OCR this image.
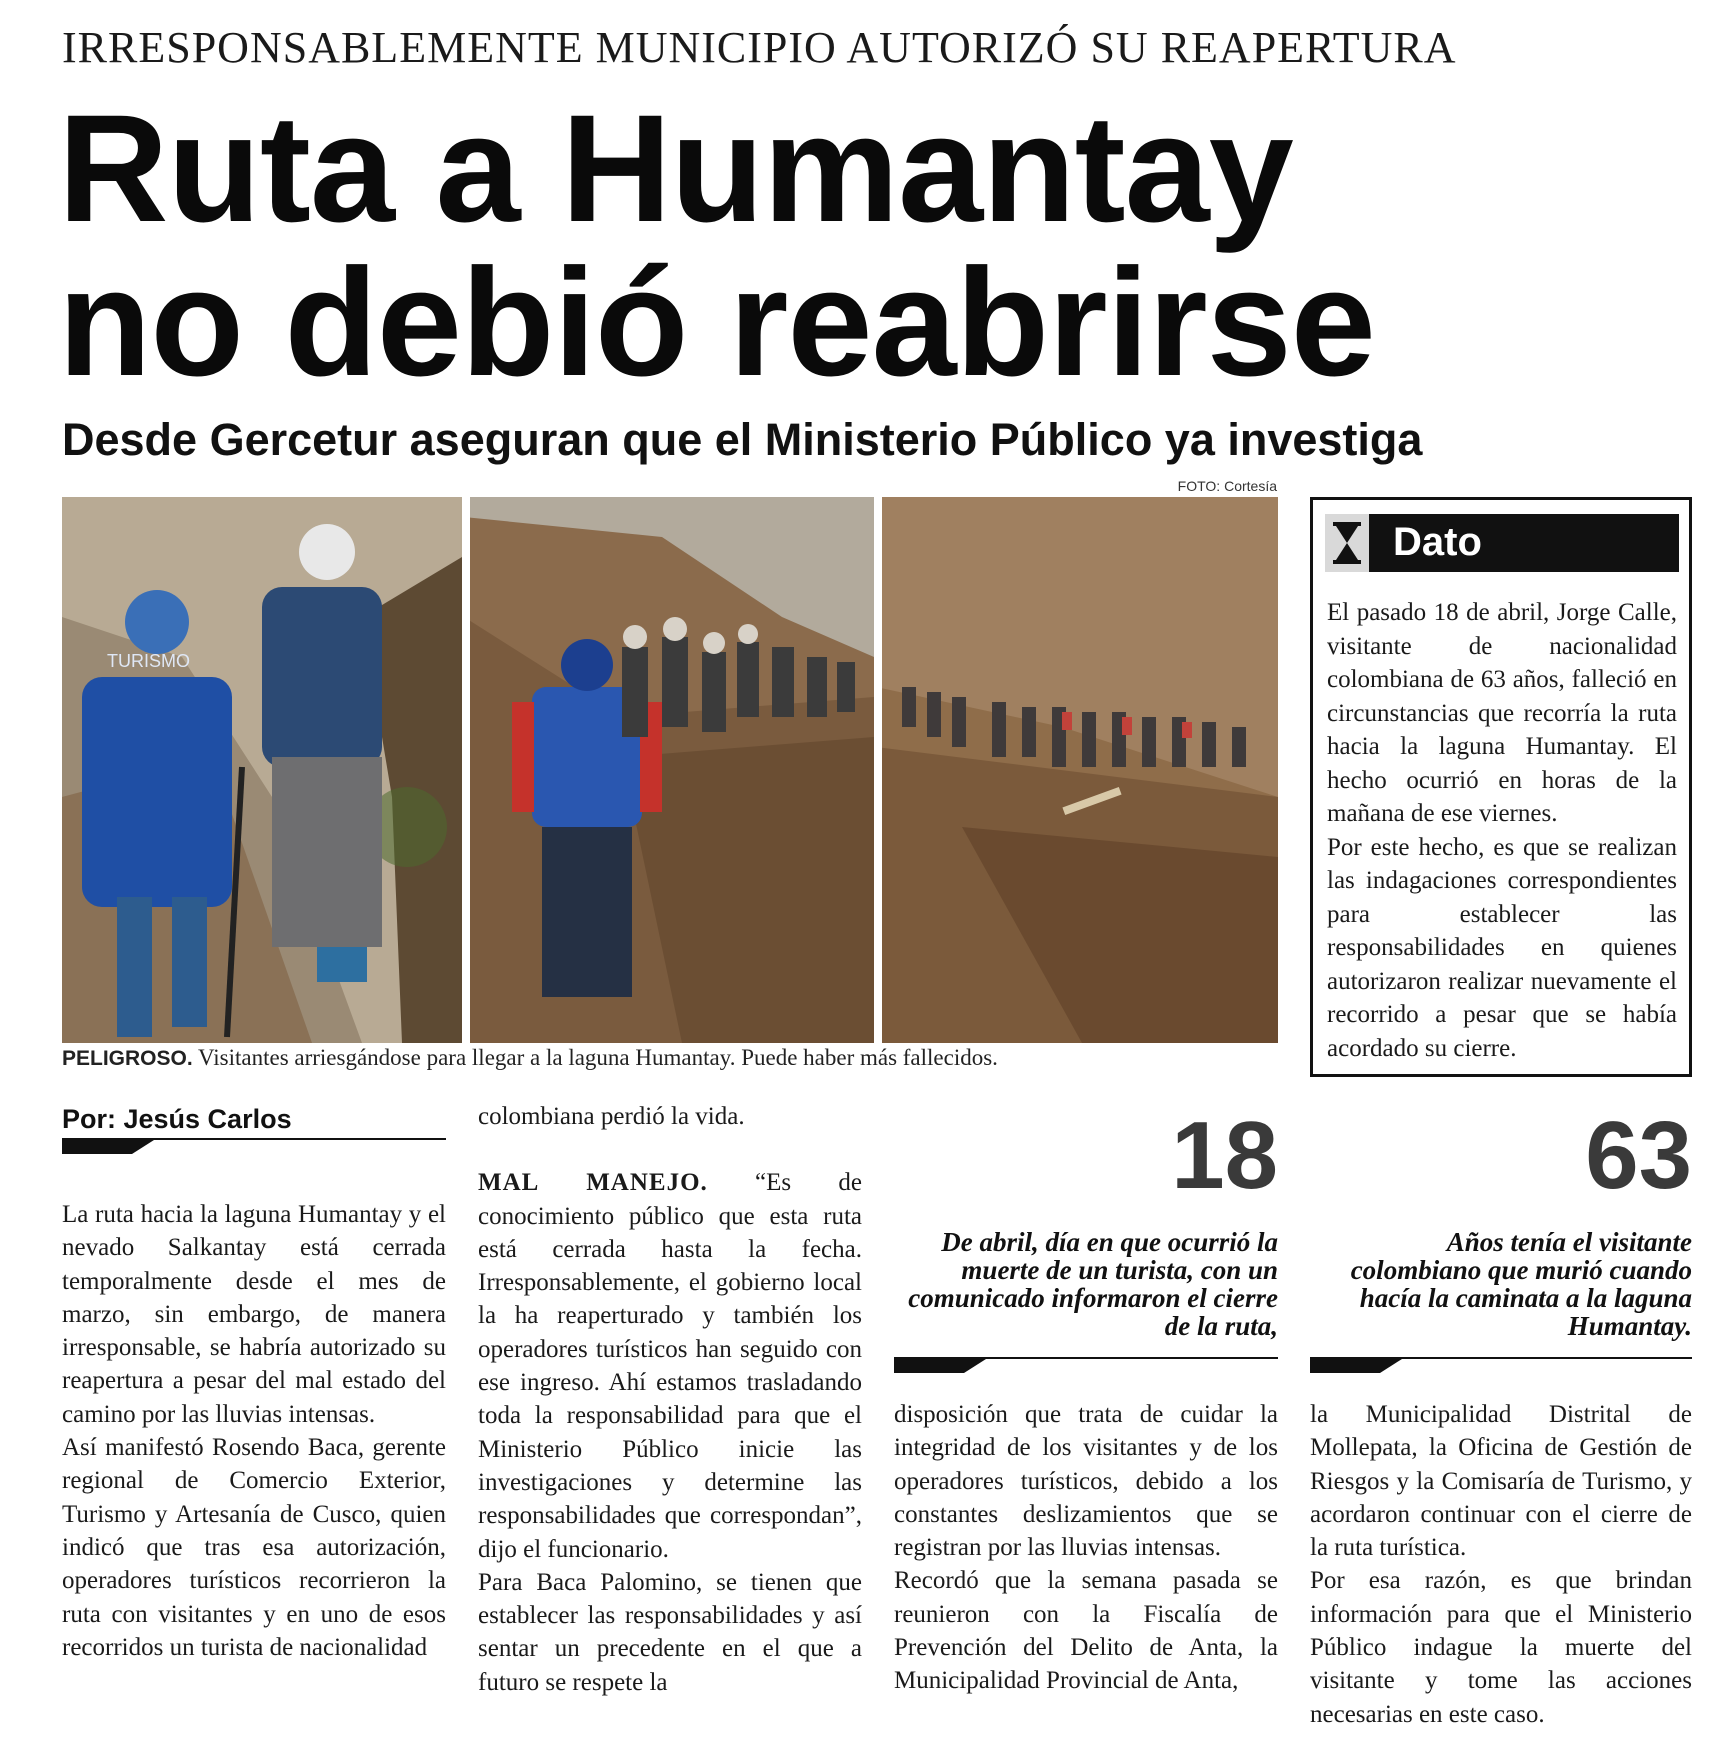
IRRESPONSABLEMENTE MUNICIPIO AUTORIZÓ SU REAPERTURA
Ruta a Humantay
no debió reabrirse
Desde Gercetur aseguran que el Ministerio Público ya investiga
FOTO: Cortesía
TURISMO
PELIGROSO. Visitantes arriesgándose para llegar a la laguna Humantay. Puede haber más fallecidos.
Dato
El pasado 18 de abril, Jorge Calle, visitante de nacionalidad colombiana de 63 años, falleció en circunstancias que recorría la ruta hacia la laguna Humantay. El hecho ocurrió en horas de la mañana de ese viernes.
Por este hecho, es que se realizan las indagaciones correspondientes para establecer las responsabilidades en quienes autorizaron realizar nuevamente el recorrido a pesar que se había acordado su cierre.
Por: Jesús Carlos

La ruta hacia la laguna Humantay y el nevado Salkantay está cerrada temporalmente desde el mes de marzo, sin embargo, de manera irresponsable, se habría autorizado su reapertura a pesar del mal estado del camino por las lluvias intensas.

Así manifestó Rosendo Baca, gerente regional de Comercio Exterior, Turismo y Artesanía de Cusco, quien indicó que tras esa autorización, operadores turísticos recorrieron la ruta con visitantes y en uno de esos recorridos un turista de nacionalidad

colombiana perdió la vida.

MAL MANEJO. “Es de conocimiento público que esta ruta está cerrada hasta la fecha. Irresponsablemente, el gobierno local la ha reaperturado y también los operadores turísticos han seguido con ese ingreso. Ahí estamos trasladando toda la responsabilidad para que el Ministerio Público inicie las investigaciones y determine las responsabilidades que correspondan”, dijo el funcionario.

Para Baca Palomino, se tienen que establecer las responsabilidades y así sentar un precedente en el que a futuro se respete la

18
De abril, día en que ocurrió la muerte de un turista, con un comunicado informaron el cierre de la ruta,

disposición que trata de cuidar la integridad de los visitantes y de los operadores turísticos, debido a los constantes deslizamientos que se registran por las lluvias intensas.

Recordó que la semana pasada se reunieron con la Fiscalía de Prevención del Delito de Anta, la Municipalidad Provincial de Anta,

63
Años tenía el visitante colombiano que murió cuando hacía la caminata a la laguna Humantay.

la Municipalidad Distrital de Mollepata, la Oficina de Gestión de Riesgos y la Comisaría de Turismo, y acordaron continuar con el cierre de la ruta turística.

Por esa razón, es que brindan información para que el Ministerio Público indague la muerte del visitante y tome las acciones necesarias en este caso.
